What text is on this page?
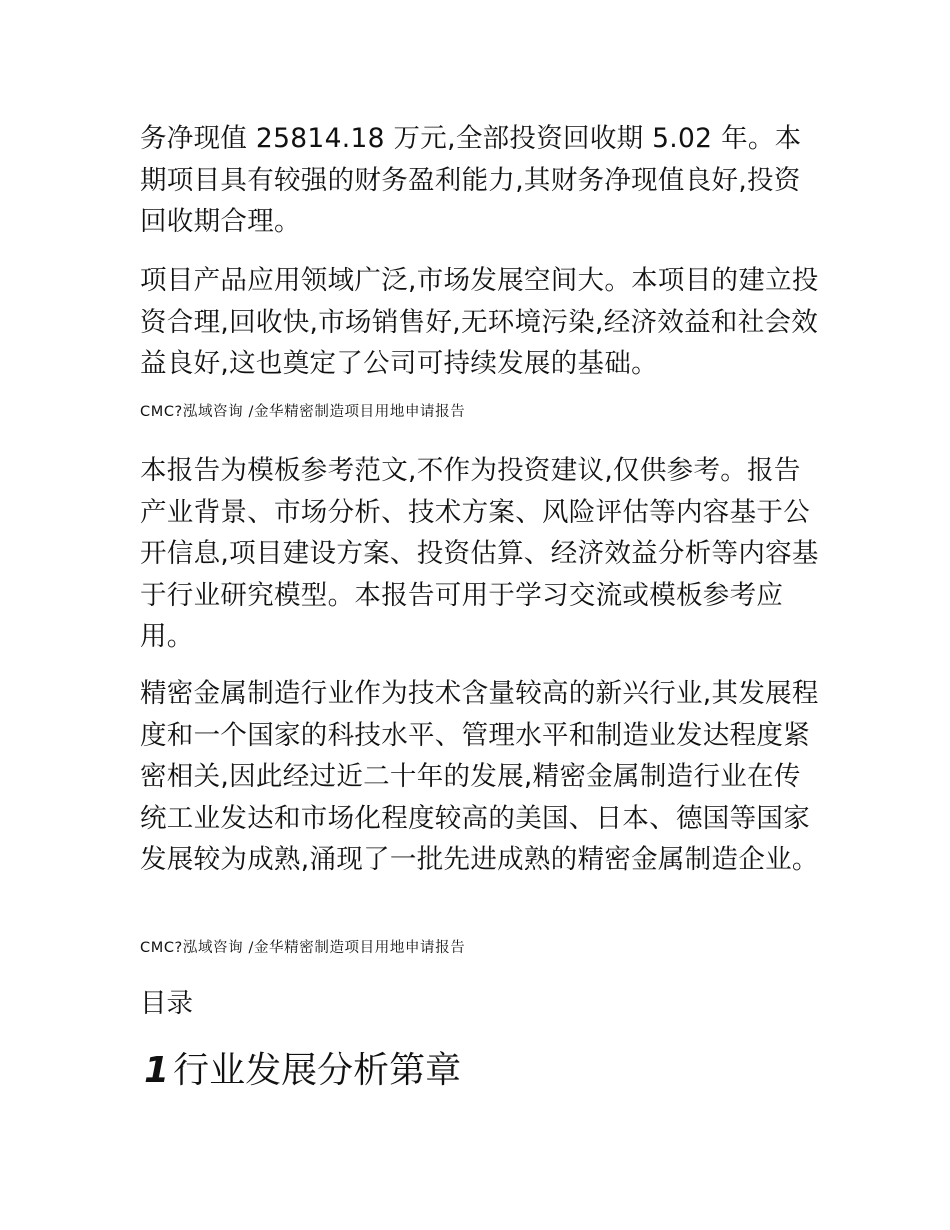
务净现值 25814.18 万元,全部投资回收期 5.02 年。本期项目具有较强的财务盈利能力,其财务净现值良好,投资回收期合理。

CMC?泓域咨询 /金华精密制造项目用地申请报告

项目产品应用领域广泛,市场发展空间大。本项目的建立投资合理,回收快,市场销售好,无环境污染,经济效益和社会效益良好,这也奠定了公司可持续发展的基础。

本报告为模板参考范文,不作为投资建议,仅供参考。报告产业背景、市场分析、技术方案、风险评估等内容基于公开信息,项目建设方案、投资估算、经济效益分析等内容基于行业研究模型。本报告可用于学习交流或模板参考应用。

精密金属制造行业作为技术含量较高的新兴行业,其发展程度和一个国家的科技水平、管理水平和制造业发达程度紧密相关,因此经过近二十年的发展,精密金属制造行业在传统工业发达和市场化程度较高的美国、日本、德国等国家发展较为成熟,涌现了一批先进成熟的精密金属制造企业。

CMC?泓域咨询 /金华精密制造项目用地申请报告

目录
1 行业发展分析第章
